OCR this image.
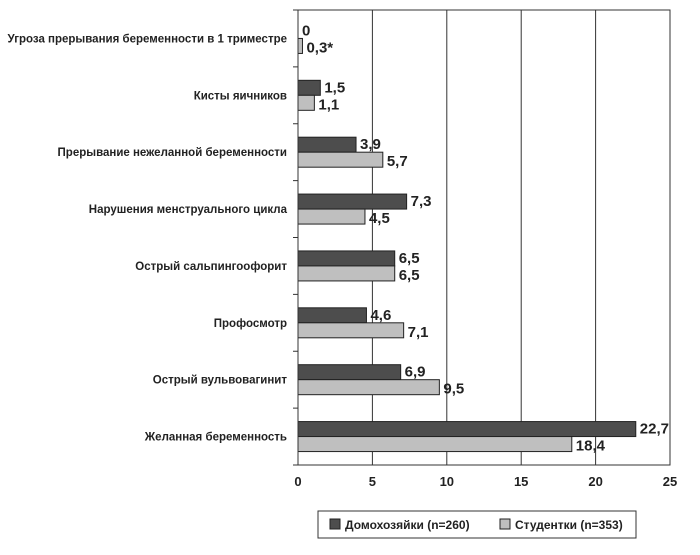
Угроза прерывания беременности в 1 триместре
Кисты яичников
Прерывание нежеланной беременности
Нарушения менструального цикла
Острый сальпингоофорит
Профосмотр
Острый вульвовагинит
Желанная беременность
0	5	10	15	20	25
0
0,3*
1,5
1,1
3,9
5,7
7,3
4,5
6,5
6,5
4,6
7,1
6,9
9,5
22,7
18,4
Домохозяйки (n=260)	Студентки (n=353)
